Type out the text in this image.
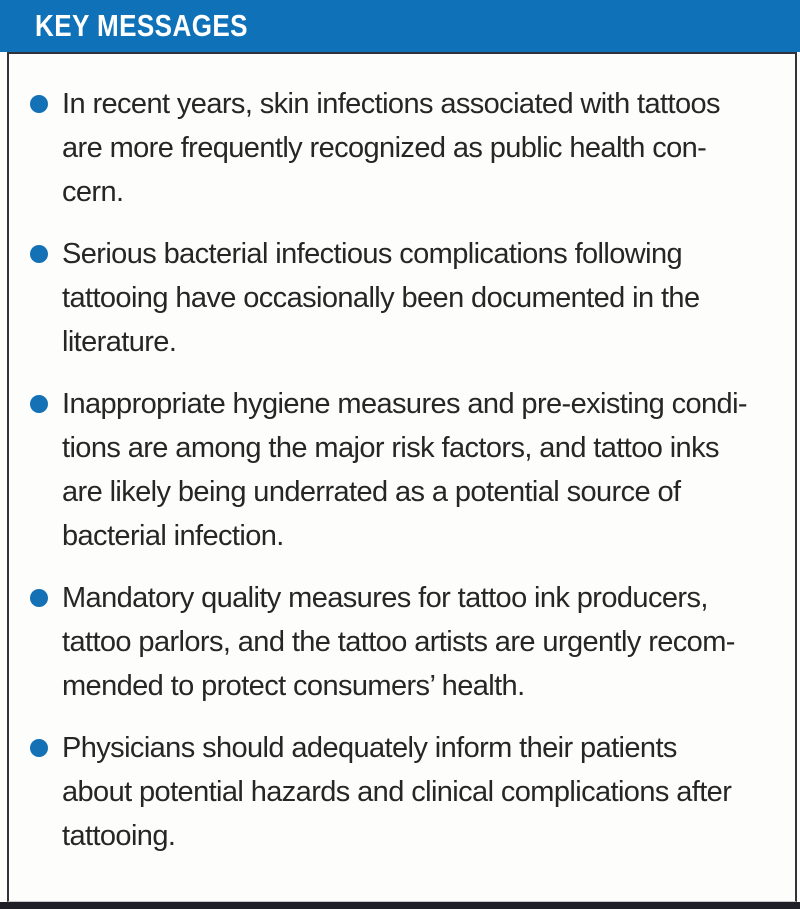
KEY MESSAGES
In recent years, skin infections associated with tattoos
are more frequently recognized as public health con-
cern.
Serious bacterial infectious complications following
tattooing have occasionally been documented in the
literature.
Inappropriate hygiene measures and pre-existing condi-
tions are among the major risk factors, and tattoo inks
are likely being underrated as a potential source of
bacterial infection.
Mandatory quality measures for tattoo ink producers,
tattoo parlors, and the tattoo artists are urgently recom-
mended to protect consumers’ health.
Physicians should adequately inform their patients
about potential hazards and clinical complications after
tattooing.
